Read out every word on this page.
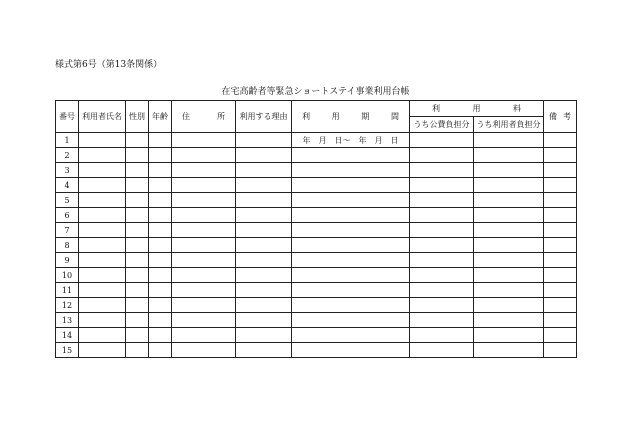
様式第6号（第13条関係）
在宅高齢者等緊急ショートステイ事業利用台帳
番号	利用者氏名	性別	年齢	住 所	利用する理由	利 用 期 間	利 用 料		備 考

							うち公費負担分	うち利用者負担分	
1						年　月　日～　年　月　日			
2									
3									
4									
5									
6									
7									
8									
9									
10									
11									
12									
13									
14									
15									
